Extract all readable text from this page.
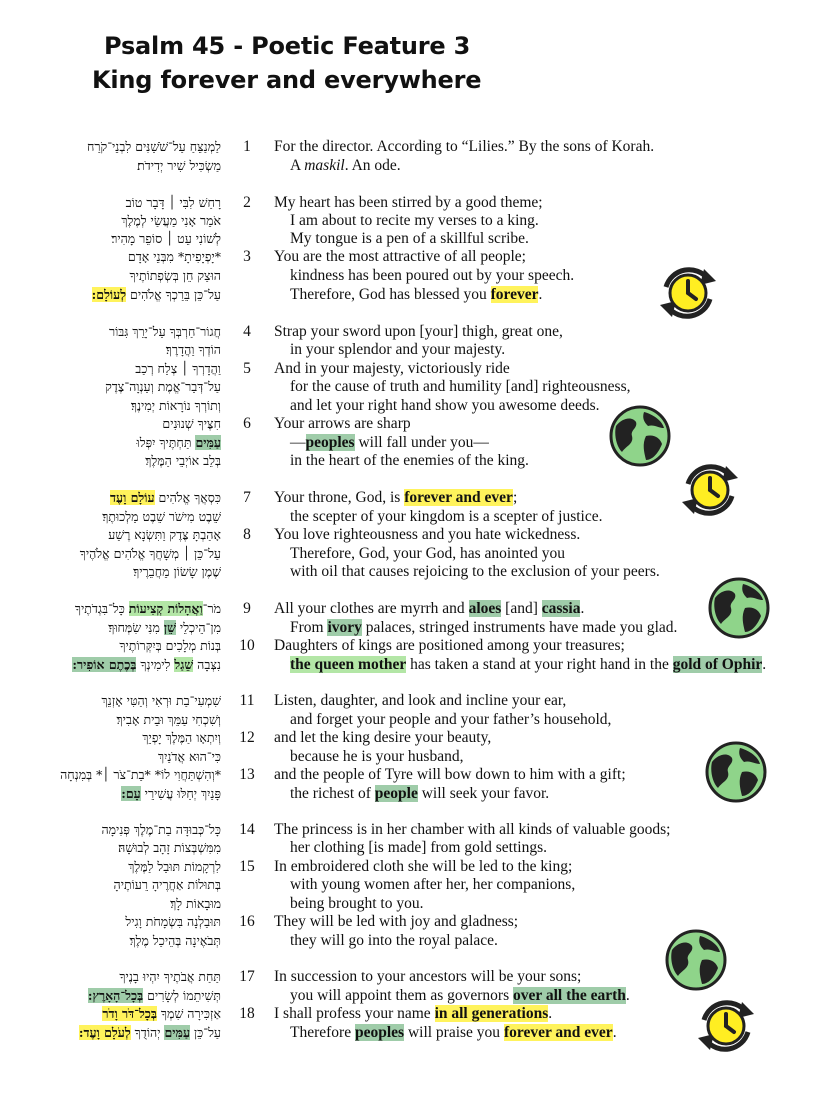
Psalm 45 - Poetic Feature 3
King forever and everywhere
לַמְנַצֵּחַ עַל־שֹׁשַׁנִּים לִבְנֵי־קֹרַח	1	For the director. According to “Lilies.” By the sons of Korah.
מַשְׂכִּיל שִׁיר יְדִידֹת׃	A maskil. An ode.
רָחַשׁ לִבִּי ׀ דָּבָר טוֹב	2	My heart has been stirred by a good theme;
אֹמֵר אָנִי מַעֲשַׂי לְמֶלֶךְ	I am about to recite my verses to a king.
לְשׁוֹנִי עֵט ׀ סוֹפֵר מָהִיר׃	My tongue is a pen of a skillful scribe.
*יָפְיָפִיתָ* מִבְּנֵי אָדָם	3	You are the most attractive of all people;
הוּצַק חֵן בְּשְׂפְתוֹתֶיךָ	kindness has been poured out by your speech.
עַל־כֵּן בֵּרַכְךָ אֱלֹהִים לְעוֹלָם:	Therefore, God has blessed you forever.
חֲגוֹר־חַרְבְּךָ עַל־יָרֵךְ גִּבּוֹר	4	Strap your sword upon [your] thigh, great one,
הוֹדְךָ וַהֲדָרֶךָ׃	in your splendor and your majesty.
וַהֲדָרְךָ ׀ צְלַח רְכַב	5	And in your majesty, victoriously ride
עַל־דְּבַר־אֱמֶת וְעַנְוָה־צֶדֶק	for the cause of truth and humility [and] righteousness,
וְתוֹרְךָ נוֹרָאוֹת יְמִינֶךָ׃	and let your right hand show you awesome deeds.
חִצֶּיךָ שְׁנוּנִים	6	Your arrows are sharp
עַמִּים תַּחְתֶּיךָ יִפְּלוּ	—peoples will fall under you—
בְּלֵב אוֹיְבֵי הַמֶּלֶךְ׃	in the heart of the enemies of the king.
כִּסְאֲךָ אֱלֹהִים עוֹלָם וָעֶד	7	Your throne, God, is forever and ever;
שֵׁבֶט מִישֹׁר שֵׁבֶט מַלְכוּתֶךָ׃	the scepter of your kingdom is a scepter of justice.
אָהַבְתָּ צֶּדֶק וַתִּשְׂנָא רֶשַׁע	8	You love righteousness and you hate wickedness.
עַל־כֵּן ׀ מְשָׁחֲךָ אֱלֹהִים אֱלֹהֶיךָ	Therefore, God, your God, has anointed you
שֶׁמֶן שָׂשׂוֹן מֵחֲבֵרֶיךָ׃	with oil that causes rejoicing to the exclusion of your peers.
מֹר־וַאֲהָלוֹת קְצִיעוֹת כָּל־בִּגְדֹתֶיךָ	9	All your clothes are myrrh and aloes [and] cassia.
מִן־הֵיכְלֵי שֵׁן מִנִּי שִׂמְּחוּךָ׃	From ivory palaces, stringed instruments have made you glad.
בְּנוֹת מְלָכִים בְּיִקְּרוֹתֶיךָ 10 Daughters of kings are positioned among your treasures;
נִצְּבָה שֵׁגַל לִימִינְךָ בְּכֶתֶם אוֹפִיר:	the queen mother has taken a stand at your right hand in the gold of Ophir.
שִׁמְעִי־בַת וּרְאִי וְהַטִּי אָזְנֵךְ 11 Listen, daughter, and look and incline your ear,
וְשִׁכְחִי עַמֵּךְ וּבֵית אָבִיךְ׃	and forget your people and your father’s household,
וְיִתְאָו הַמֶּלֶךְ יָפְיֵךְ 12 and let the king desire your beauty,
כִּי־הוּא אֲדֹנַיִךְ	because he is your husband,
*וְהִשְׁתַּחֲוִי לוֹ* *בַת־צֹר ׀* בְּמִנְחָה 13 and the people of Tyre will bow down to him with a gift;
פָּנַיִךְ יְחַלּוּ עֲשִׁירֵי עָם:	the richest of people will seek your favor.
כָּל־כְּבוּדָּה בַת־מֶלֶךְ פְּנִימָה 14 The princess is in her chamber with all kinds of valuable goods;
מִמִּשְׁבְּצוֹת זָהָב לְבוּשָׁהּ׃	her clothing [is made] from gold settings.
לִרְקָמוֹת תּוּבַל לַמֶּלֶךְ 15 In embroidered cloth she will be led to the king;
בְּתוּלוֹת אַחֲרֶיהָ רֵעוֹתֶיהָ	with young women after her, her companions,
מוּבָאוֹת לָךְ׃	being brought to you.
תּוּבַלְנָה בִּשְׂמָחֹת וָגִיל 16 They will be led with joy and gladness;
תְּבֹאֶינָה בְּהֵיכַל מֶלֶךְ׃	they will go into the royal palace.
תַּחַת אֲבֹתֶיךָ יִהְיוּ בָנֶיךָ 17 In succession to your ancestors will be your sons;
תְּשִׁיתֵמוֹ לְשָׂרִים בְּכָל־הָאָרֶץ:	you will appoint them as governors over all the earth.
אַזְכִּירָה שִׁמְךָ בְּכָל־דֹּר וָדֹר	18 I shall profess your name in all generations.
עַל־כֵּן עַמִּים יְהוֹדֻךָ לְעֹלָם וָעֶד:	Therefore peoples will praise you forever and ever.
